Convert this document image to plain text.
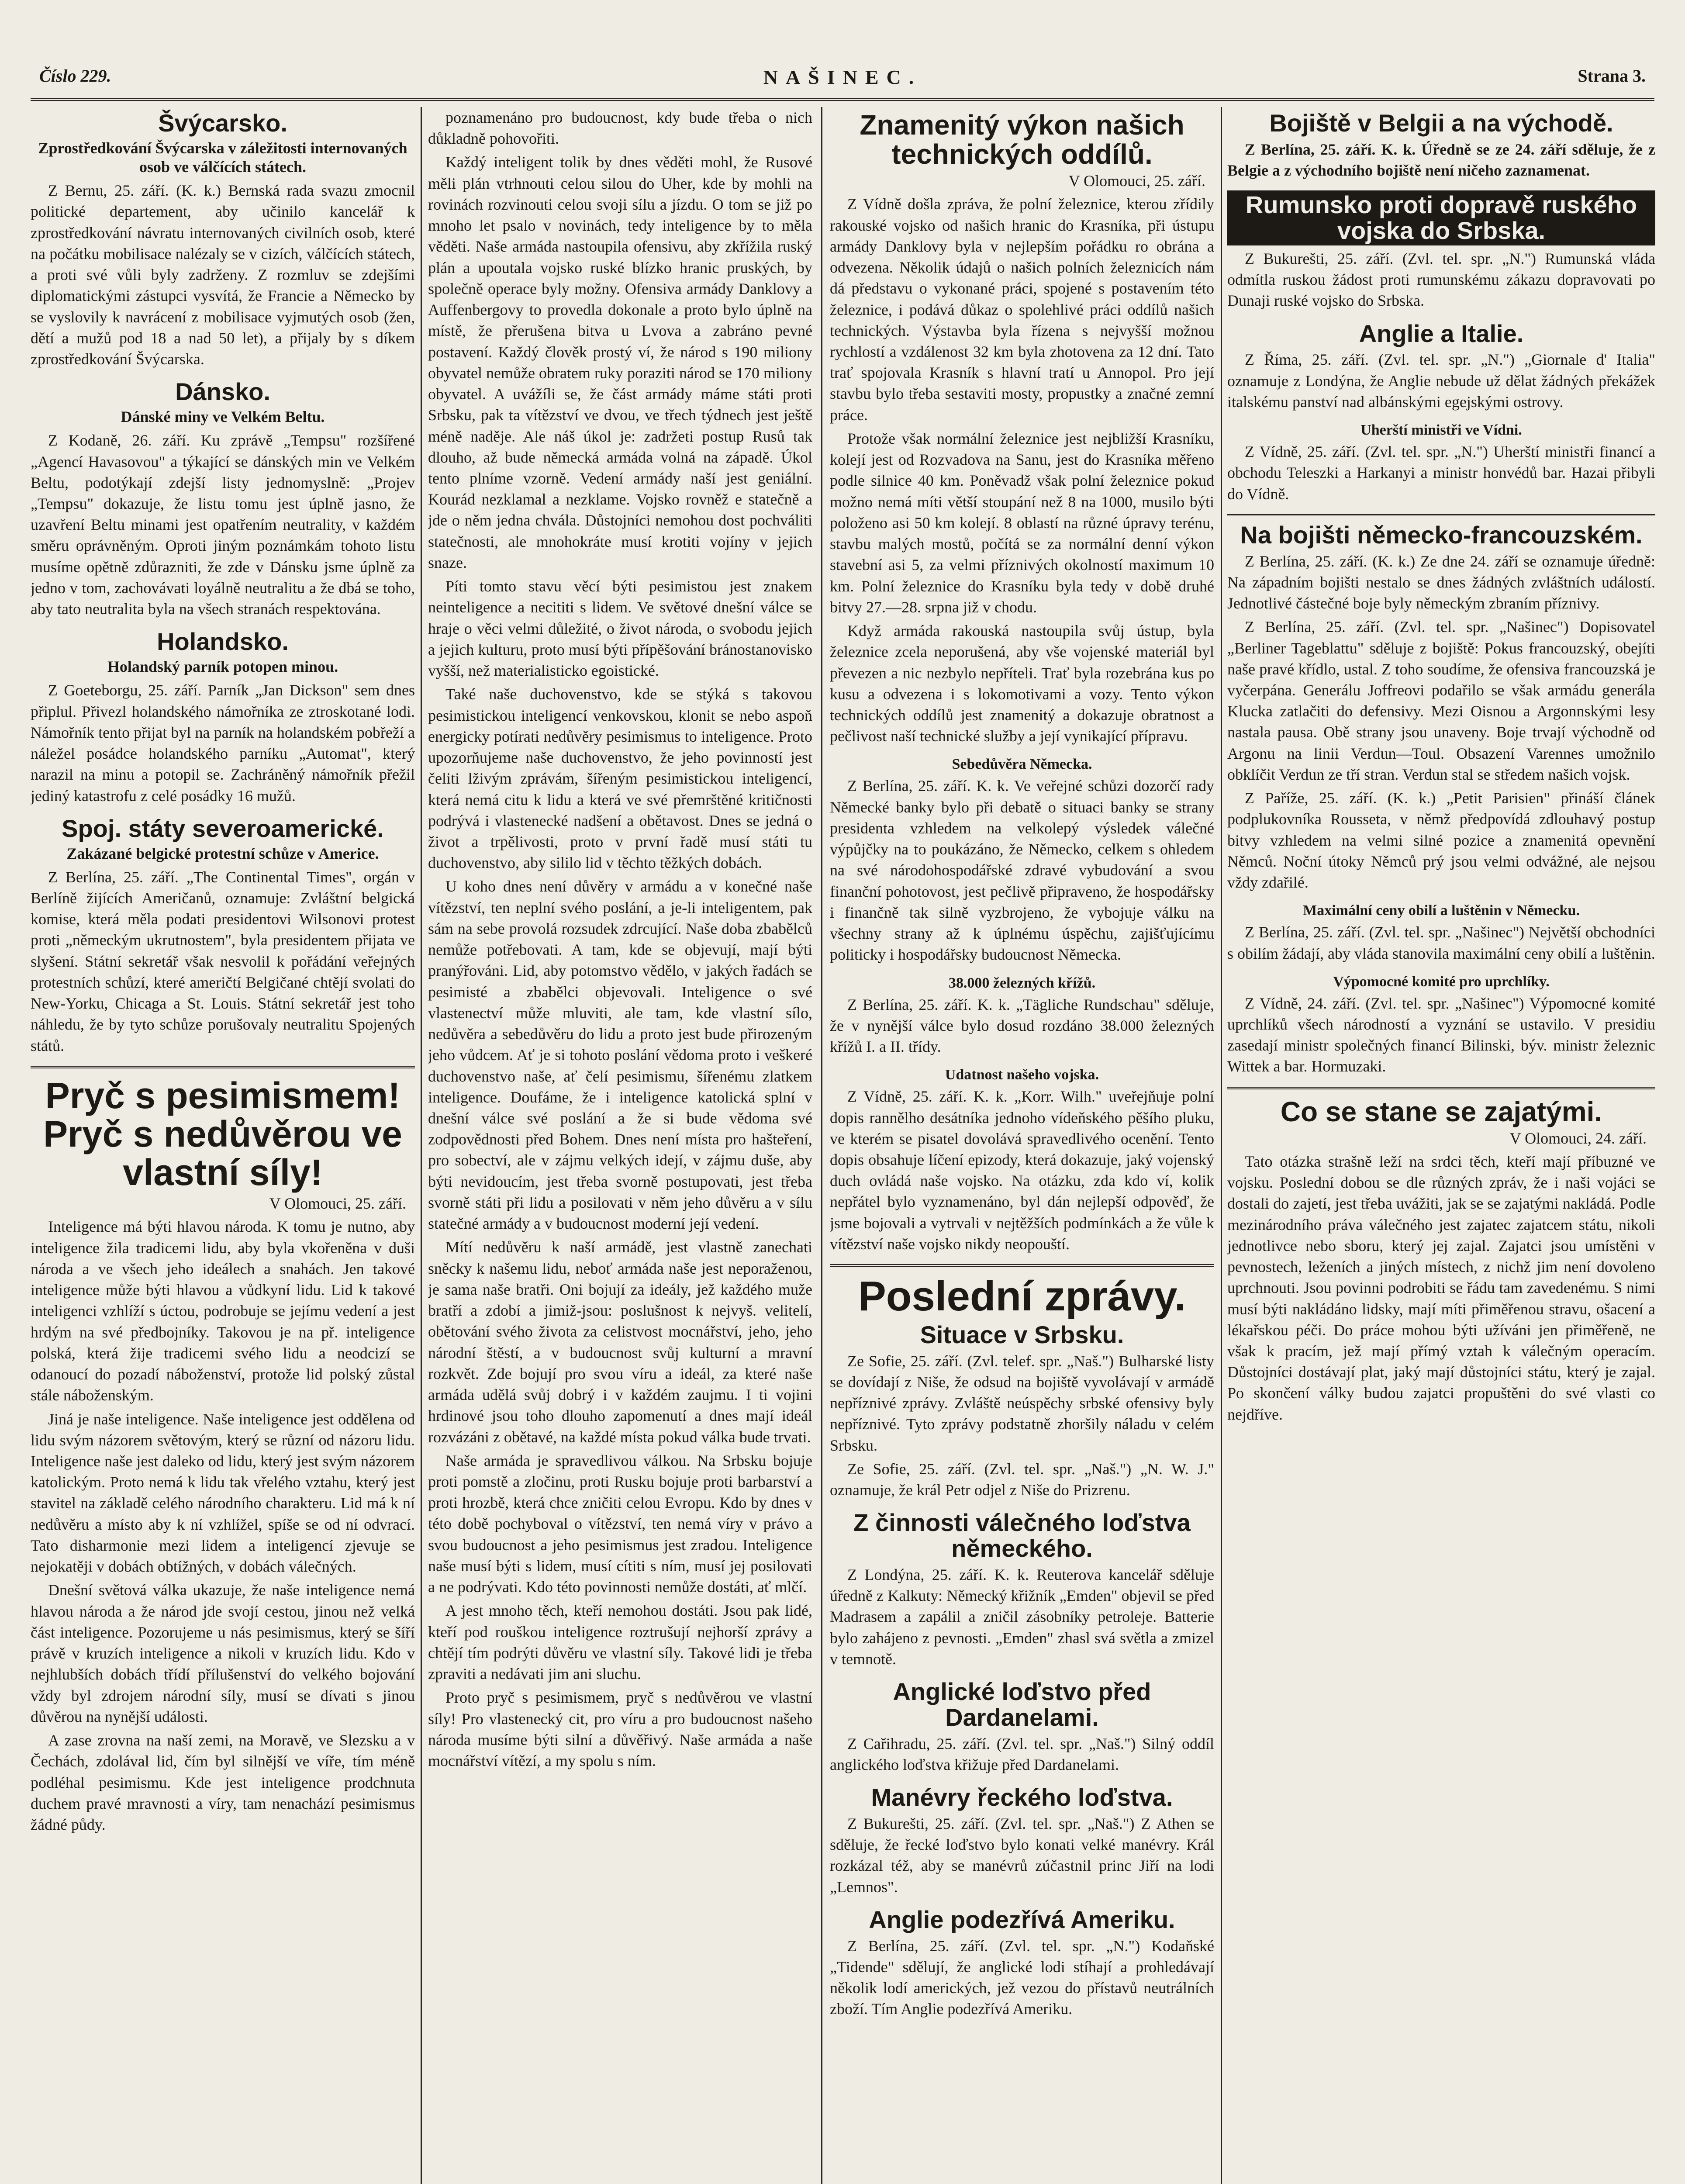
Číslo 229.	NAŠINEC.	Strana 3.
Švýcarsko.
Zprostředkování Švýcarska v záležitosti internovaných osob ve válčících státech.

Z Bernu, 25. září. (K. k.) Bernská rada svazu zmocnil politické departement, aby učinilo kancelář k zprostředkování návratu internovaných civilních osob, které na počátku mobilisace nalézaly se v cizích, válčících státech, a proti své vůli byly zadrženy. Z rozmluv se zdejšími diplomatickými zástupci vysvítá, že Francie a Německo by se vyslovily k navrácení z mobilisace vyjmutých osob (žen, dětí a mužů pod 18 a nad 50 let), a přijaly by s díkem zprostředkování Švýcarska.

Dánsko.
Dánské miny ve Velkém Beltu.

Z Kodaně, 26. září. Ku zprávě „Tempsu" rozšířené „Agencí Havasovou" a týkající se dánských min ve Velkém Beltu, podotýkají zdejší listy jednomyslně: „Projev „Tempsu" dokazuje, že listu tomu jest úplně jasno, že uzavření Beltu minami jest opatřením neutrality, v každém směru oprávněným. Oproti jiným poznámkám tohoto listu musíme opětně zdůrazniti, že zde v Dánsku jsme úplně za jedno v tom, zachovávati loyálně neutralitu a že dbá se toho, aby tato neutralita byla na všech stranách respektována.

Holandsko.
Holandský parník potopen minou.

Z Goeteborgu, 25. září. Parník „Jan Dickson" sem dnes připlul. Přivezl holandského námořníka ze ztroskotané lodi. Námořník tento přijat byl na parník na holandském pobřeží a náležel posádce holandského parníku „Automat", který narazil na minu a potopil se. Zachráněný námořník přežil jediný katastrofu z celé posádky 16 mužů.

Spoj. státy severoamerické.
Zakázané belgické protestní schůze v Americe.

Z Berlína, 25. září. „The Continental Times", orgán v Berlíně žijících Američanů, oznamuje: Zvláštní belgická komise, která měla podati presidentovi Wilsonovi protest proti „německým ukrutnostem", byla presidentem přijata ve slyšení. Státní sekretář však nesvolil k pořádání veřejných protestních schůzí, které američtí Belgičané chtějí svolati do New-Yorku, Chicaga a St. Louis. Státní sekretář jest toho náhledu, že by tyto schůze porušovaly neutralitu Spojených států.

Pryč s pesimismem! Pryč s nedůvěrou ve vlastní síly!
V Olomouci, 25. září.

Inteligence má býti hlavou národa. K tomu je nutno, aby inteligence žila tradicemi lidu, aby byla vkořeněna v duši národa a ve všech jeho ideálech a snahách. Jen takové inteligence může býti hlavou a vůdkyní lidu. Lid k takové inteligenci vzhlíží s úctou, podrobuje se jejímu vedení a jest hrdým na své předbojníky. Takovou je na př. inteligence polská, která žije tradicemi svého lidu a neodcizí se odanoucí do pozadí náboženství, protože lid polský zůstal stále náboženským.

Jiná je naše inteligence. Naše inteligence jest oddělena od lidu svým názorem světovým, který se různí od názoru lidu. Inteligence naše jest daleko od lidu, který jest svým názorem katolickým. Proto nemá k lidu tak vřelého vztahu, který jest stavitel na základě celého národního charakteru. Lid má k ní nedůvěru a místo aby k ní vzhlížel, spíše se od ní odvrací. Tato disharmonie mezi lidem a inteligencí zjevuje se nejokatěji v dobách obtížných, v dobách válečných.

Dnešní světová válka ukazuje, že naše inteligence nemá hlavou národa a že národ jde svojí cestou, jinou než velká část inteligence. Pozorujeme u nás pesimismus, který se šíří právě v kruzích inteligence a nikoli v kruzích lidu. Kdo v nejhlubších dobách třídí přílušenství do velkého bojování vždy byl zdrojem národní síly, musí se dívati s jinou důvěrou na nynější události.

A zase zrovna na naší zemi, na Moravě, ve Slezsku a v Čechách, zdolával lid, čím byl silnější ve víře, tím méně podléhal pesimismu. Kde jest inteligence prodchnuta duchem pravé mravnosti a víry, tam nenachází pesimismus žádné půdy.

poznamenáno pro budoucnost, kdy bude třeba o nich důkladně pohovořiti.

Každý inteligent tolik by dnes věděti mohl, že Rusové měli plán vtrhnouti celou silou do Uher, kde by mohli na rovinách rozvinouti celou svoji sílu a jízdu. O tom se již po mnoho let psalo v novinách, tedy inteligence by to měla věděti. Naše armáda nastoupila ofensivu, aby zkřížila ruský plán a upoutala vojsko ruské blízko hranic pruských, by společně operace byly možny. Ofensiva armády Danklovy a Auffenbergovy to provedla dokonale a proto bylo úplně na místě, že přerušena bitva u Lvova a zabráno pevné postavení. Každý člověk prostý ví, že národ s 190 miliony obyvatel nemůže obratem ruky poraziti národ se 170 miliony obyvatel. A uvážíli se, že část armády máme státi proti Srbsku, pak ta vítězství ve dvou, ve třech týdnech jest ještě méně naděje. Ale náš úkol je: zadržeti postup Rusů tak dlouho, až bude německá armáda volná na západě. Úkol tento plníme vzorně. Vedení armády naší jest geniální. Kourád nezklamal a nezklame. Vojsko rovněž e statečně a jde o něm jedna chvála. Důstojníci nemohou dost pochváliti statečnosti, ale mnohokráte musí krotiti vojíny v jejich snaze.

Píti tomto stavu věcí býti pesimistou jest znakem neinteligence a necititi s lidem. Ve světové dnešní válce se hraje o věci velmi důležité, o život národa, o svobodu jejich a jejich kulturu, proto musí býti přípěšování bránostanovisko vyšší, než materialisticko egoistické.

Také naše duchovenstvo, kde se stýká s takovou pesimistickou inteligencí venkovskou, klonit se nebo aspoň energicky potírati nedůvěry pesimismus to inteligence. Proto upozorňujeme naše duchovenstvo, že jeho povinností jest čeliti lživým zprávám, šířeným pesimistickou inteligencí, která nemá citu k lidu a která ve své přemrštěné kritičnosti podrývá i vlastenecké nadšení a obětavost. Dnes se jedná o život a trpělivosti, proto v první řadě musí státi tu duchovenstvo, aby sililo lid v těchto těžkých dobách.

U koho dnes není důvěry v armádu a v konečné naše vítězství, ten neplní svého poslání, a je-li inteligentem, pak sám na sebe provolá rozsudek zdrcující. Naše doba zbabělců nemůže potřebovati. A tam, kde se objevují, mají býti pranýřováni. Lid, aby potomstvo vědělo, v jakých řadách se pesimisté a zbabělci objevovali. Inteligence o své vlastenectví může mluviti, ale tam, kde vlastní sílo, nedůvěra a sebedůvěru do lidu a proto jest bude přirozeným jeho vůdcem. Ať je si tohoto poslání vědoma proto i veškeré duchovenstvo naše, ať čelí pesimismu, šířenému zlatkem inteligence. Doufáme, že i inteligence katolická splní v dnešní válce své poslání a že si bude vědoma své zodpovědnosti před Bohem. Dnes není místa pro hašteření, pro sobectví, ale v zájmu velkých idejí, v zájmu duše, aby býti nevidoucím, jest třeba svorně postupovati, jest třeba svorně státi při lidu a posilovati v něm jeho důvěru a v sílu statečné armády a v budoucnost moderní její vedení.

Mítí nedůvěru k naší armádě, jest vlastně zanechati sněcky k našemu lidu, neboť armáda naše jest neporaženou, je sama naše bratři. Oni bojují za ideály, jež každého muže bratří a zdobí a jimiž-jsou: poslušnost k nejvyš. velitelí, obětování svého života za celistvost mocnářství, jeho, jeho národní štěstí, a v budoucnost svůj kulturní a mravní rozkvět. Zde bojují pro svou víru a ideál, za které naše armáda udělá svůj dobrý i v každém zaujmu. I ti vojini hrdinové jsou toho dlouho zapomenutí a dnes mají ideál rozvázáni z obětavé, na každé místa pokud válka bude trvati.

Naše armáda je spravedlivou válkou. Na Srbsku bojuje proti pomstě a zločinu, proti Rusku bojuje proti barbarství a proti hrozbě, která chce zničiti celou Evropu. Kdo by dnes v této době pochyboval o vítězství, ten nemá víry v právo a svou budoucnost a jeho pesimismus jest zradou. Inteligence naše musí býti s lidem, musí cítiti s ním, musí jej posilovati a ne podrývati. Kdo této povinnosti nemůže dostáti, ať mlčí.

A jest mnoho těch, kteří nemohou dostáti. Jsou pak lidé, kteří pod rouškou inteligence roztrušují nejhorší zprávy a chtějí tím podrýti důvěru ve vlastní síly. Takové lidi je třeba zpraviti a nedávati jim ani sluchu.

Proto pryč s pesimismem, pryč s nedůvěrou ve vlastní síly! Pro vlastenecký cit, pro víru a pro budoucnost našeho národa musíme býti silní a důvěřivý. Naše armáda a naše mocnářství vítězí, a my spolu s ním.

Znamenitý výkon našich technických oddílů.
V Olomouci, 25. září.

Z Vídně došla zpráva, že polní železnice, kterou zřídily rakouské vojsko od našich hranic do Krasníka, při ústupu armády Danklovy byla v nejlepším pořádku ro obrána a odvezena. Několik údajů o našich polních železnicích nám dá představu o vykonané práci, spojené s postavením této železnice, i podává důkaz o spolehlivé práci oddílů našich technických. Výstavba byla řízena s nejvyšší možnou rychlostí a vzdálenost 32 km byla zhotovena za 12 dní. Tato trať spojovala Krasník s hlavní tratí u Annopol. Pro její stavbu bylo třeba sestaviti mosty, propustky a značné zemní práce.

Protože však normální železnice jest nejbližší Krasníku, kolejí jest od Rozvadova na Sanu, jest do Krasníka měřeno podle silnice 40 km. Poněvadž však polní železnice pokud možno nemá míti větší stoupání než 8 na 1000, musilo býti položeno asi 50 km kolejí. 8 oblastí na různé úpravy terénu, stavbu malých mostů, počítá se za normální denní výkon stavební asi 5, za velmi příznivých okolností maximum 10 km. Polní železnice do Krasníku byla tedy v době druhé bitvy 27.—28. srpna již v chodu.

Když armáda rakouská nastoupila svůj ústup, byla železnice zcela neporušená, aby vše vojenské materiál byl převezen a nic nezbylo nepříteli. Trať byla rozebrána kus po kusu a odvezena i s lokomotivami a vozy. Tento výkon technických oddílů jest znamenitý a dokazuje obratnost a pečlivost naší technické služby a její vynikající přípravu.

Sebedůvěra Německa.

Z Berlína, 25. září. K. k. Ve veřejné schůzi dozorčí rady Německé banky bylo při debatě o situaci banky se strany presidenta vzhledem na velkolepý výsledek válečné výpůjčky na to poukázáno, že Německo, celkem s ohledem na své národohospodářské zdravé vybudování a svou finanční pohotovost, jest pečlivě připraveno, že hospodářsky i finančně tak silně vyzbrojeno, že vybojuje válku na všechny strany až k úplnému úspěchu, zajišťujícímu politicky i hospodářsky budoucnost Německa.

38.000 železných křížů.

Z Berlína, 25. září. K. k. „Tägliche Rundschau" sděluje, že v nynější válce bylo dosud rozdáno 38.000 železných křížů I. a II. třídy.

Udatnost našeho vojska.

Z Vídně, 25. září. K. k. „Korr. Wilh." uveřejňuje polní dopis rannělho desátníka jednoho vídeňského pěšího pluku, ve kterém se pisatel dovolává spravedlivého ocenění. Tento dopis obsahuje líčení epizody, která dokazuje, jaký vojenský duch ovládá naše vojsko. Na otázku, zda kdo ví, kolik nepřátel bylo vyznamenáno, byl dán nejlepší odpověď, že jsme bojovali a vytrvali v nejtěžších podmínkách a že vůle k vítězství naše vojsko nikdy neopouští.

Poslední zprávy.
Situace v Srbsku.

Ze Sofie, 25. září. (Zvl. telef. spr. „Naš.") Bulharské listy se dovídají z Niše, že odsud na bojiště vyvolávají v armádě nepříznivé zprávy. Zvláště neúspěchy srbské ofensivy byly nepříznivé. Tyto zprávy podstatně zhoršily náladu v celém Srbsku.

Ze Sofie, 25. září. (Zvl. tel. spr. „Naš.") „N. W. J." oznamuje, že král Petr odjel z Niše do Prizrenu.

Z činnosti válečného loďstva německého.

Z Londýna, 25. září. K. k. Reuterova kancelář sděluje úředně z Kalkuty: Německý křižník „Emden" objevil se před Madrasem a zapálil a zničil zásobníky petroleje. Batterie bylo zahájeno z pevnosti. „Emden" zhasl svá světla a zmizel v temnotě.

Anglické loďstvo před Dardanelami.

Z Cařihradu, 25. září. (Zvl. tel. spr. „Naš.") Silný oddíl anglického loďstva křižuje před Dardanelami.

Manévry řeckého loďstva.

Z Bukurešti, 25. září. (Zvl. tel. spr. „Naš.") Z Athen se sděluje, že řecké loďstvo bylo konati velké manévry. Král rozkázal též, aby se manévrů zúčastnil princ Jiří na lodi „Lemnos".

Anglie podezřívá Ameriku.

Z Berlína, 25. září. (Zvl. tel. spr. „N.") Kodaňské „Tidende" sdělují, že anglické lodi stíhají a prohledávají několik lodí amerických, jež vezou do přístavů neutrálních zboží. Tím Anglie podezřívá Ameriku.

Bojiště v Belgii a na východě.

Z Berlína, 25. září. K. k. Úředně se ze 24. září sděluje, že z Belgie a z východního bojiště není ničeho zaznamenat.

Rumunsko proti dopravě ruského vojska do Srbska.

Z Bukurešti, 25. září. (Zvl. tel. spr. „N.") Rumunská vláda odmítla ruskou žádost proti rumunskému zákazu dopravovati po Dunaji ruské vojsko do Srbska.

Anglie a Italie.

Z Říma, 25. září. (Zvl. tel. spr. „N.") „Giornale d' Italia" oznamuje z Londýna, že Anglie nebude už dělat žádných překážek italskému panství nad albánskými egejskými ostrovy.

Uherští ministři ve Vídni.

Z Vídně, 25. září. (Zvl. tel. spr. „N.") Uherští ministři financí a obchodu Teleszki a Harkanyi a ministr honvédů bar. Hazai přibyli do Vídně.

Na bojišti německo-francouzském.

Z Berlína, 25. září. (K. k.) Ze dne 24. září se oznamuje úředně: Na západním bojišti nestalo se dnes žádných zvláštních událostí. Jednotlivé částečné boje byly německým zbraním příznivy.

Z Berlína, 25. září. (Zvl. tel. spr. „Našinec") Dopisovatel „Berliner Tageblattu" sděluje z bojiště: Pokus francouzský, obejíti naše pravé křídlo, ustal. Z toho soudíme, že ofensiva francouzská je vyčerpána. Generálu Joffreovi podařilo se však armádu generála Klucka zatlačiti do defensivy. Mezi Oisnou a Argonnskými lesy nastala pausa. Obě strany jsou unaveny. Boje trvají východně od Argonu na linii Verdun—Toul. Obsazení Varennes umožnilo obklíčit Verdun ze tří stran. Verdun stal se středem našich vojsk.

Z Paříže, 25. září. (K. k.) „Petit Parisien" přináší článek podplukovníka Rousseta, v němž předpovídá zdlouhavý postup bitvy vzhledem na velmi silné pozice a znamenitá opevnění Němců. Noční útoky Němců prý jsou velmi odvážné, ale nejsou vždy zdařilé.

Maximální ceny obilí a luštěnin v Německu.

Z Berlína, 25. září. (Zvl. tel. spr. „Našinec") Největší obchodníci s obilím žádají, aby vláda stanovila maximální ceny obilí a luštěnin.

Výpomocné komité pro uprchlíky.

Z Vídně, 24. září. (Zvl. tel. spr. „Našinec") Výpomocné komité uprchlíků všech národností a vyznání se ustavilo. V presidiu zasedají ministr společných financí Bilinski, býv. ministr železnic Wittek a bar. Hormuzaki.

Co se stane se zajatými.
V Olomouci, 24. září.

Tato otázka strašně leží na srdci těch, kteří mají příbuzné ve vojsku. Poslední dobou se dle různých zpráv, že i naši vojáci se dostali do zajetí, jest třeba uvážiti, jak se se zajatými nakládá. Podle mezinárodního práva válečného jest zajatec zajatcem státu, nikoli jednotlivce nebo sboru, který jej zajal. Zajatci jsou umístěni v pevnostech, leženích a jiných místech, z nichž jim není dovoleno uprchnouti. Jsou povinni podrobiti se řádu tam zavedenému. S nimi musí býti nakládáno lidsky, mají míti přiměřenou stravu, ošacení a lékařskou péči. Do práce mohou býti užíváni jen přiměřeně, ne však k pracím, jež mají přímý vztah k válečným operacím. Důstojníci dostávají plat, jaký mají důstojníci státu, který je zajal. Po skončení války budou zajatci propuštěni do své vlasti co nejdříve.
